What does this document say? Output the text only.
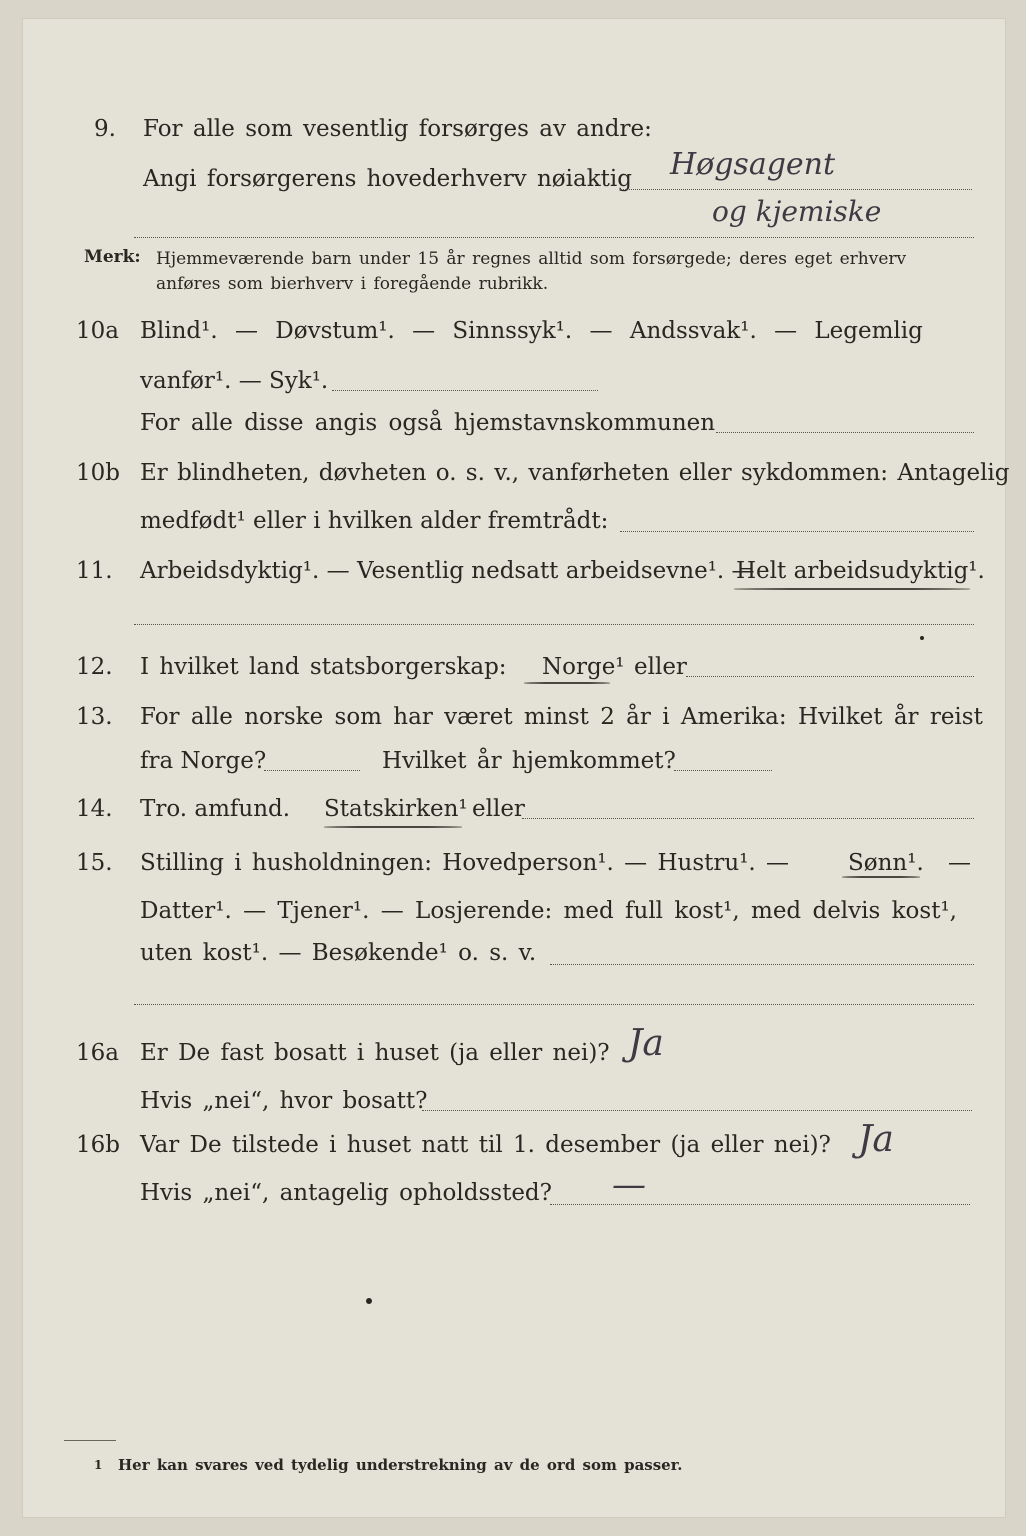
9. For alle som vesentlig forsørges av andre:
Angi forsørgerens hovederhverv nøiaktig Høgsagent
og kjemiske
Merk: Hjemmeværende barn under 15 år regnes alltid som forsørgede; deres eget erhverv
anføres som bierhverv i foregående rubrikk.
10a Blind¹. — Døvstum¹. — Sinnssyk¹. — Andssvak¹. — Legemlig
vanfør¹. — Syk¹.
For alle disse angis også hjemstavnskommunen
10b Er blindheten, døvheten o. s. v., vanførheten eller sykdommen: Antagelig
medfødt¹ eller i hvilken alder fremtrådt:
11. Arbeidsdyktig¹. — Vesentlig nedsatt arbeidsevne¹. —
Helt arbeidsudyktig¹.
12. I hvilket land statsborgerskap: Norge¹ eller
13. For alle norske som har været minst 2 år i Amerika: Hvilket år reist
fra Norge?	Hvilket år hjemkommet?
14. Tro. amfund. Statskirken¹ eller
15. Stilling i husholdningen: Hovedperson¹. — Hustru¹. —	Sønn¹. —
Datter¹. — Tjener¹. — Losjerende: med full kost¹, med delvis kost¹,
uten kost¹. — Besøkende¹ o. s. v.
16a Er De fast bosatt i huset (ja eller nei)? Ja
Hvis „nei“, hvor bosatt?
16b Var De tilstede i huset natt til 1. desember (ja eller nei)? Ja
Hvis „nei“, antagelig opholdssted? —
1 Her kan svares ved tydelig understrekning av de ord som passer.
